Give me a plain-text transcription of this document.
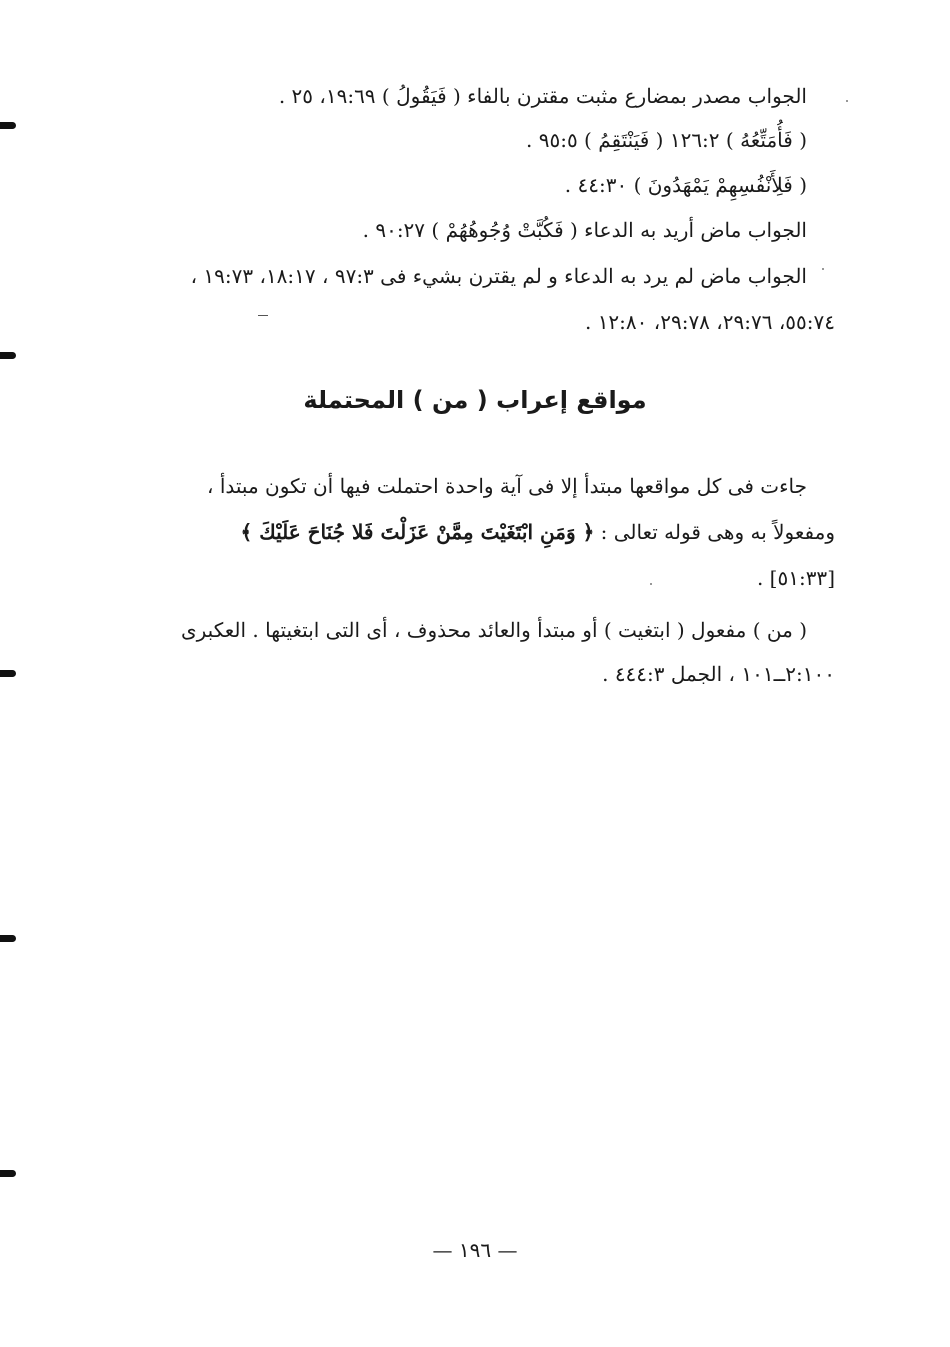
الجواب مصدر بمضارع مثبت مقترن بالفاء ( فَيَقُولُ ) ١٩:٦٩، ٢٥ .
( فَأُمَتِّعُهُ ) ١٢٦:٢ ( فَيَنْتَقِمُ ) ٩٥:٥ .
( فَلِأَنْفُسِهِمْ يَمْهَدُونَ ) ٤٤:٣٠ .
الجواب ماض أريد به الدعاء ( فَكُبَّتْ وُجُوهُهُمْ ) ٩٠:٢٧ .
الجواب ماض لم يرد به الدعاء و لم يقترن بشيء فى ٩٧:٣ ، ١٨:١٧، ١٩:٧٣ ،
٥٥:٧٤، ٢٩:٧٦، ٢٩:٧٨، ١٢:٨٠ .
مواقع إعراب ( من ) المحتملة
جاءت فى كل مواقعها مبتدأ إلا فى آية واحدة احتملت فيها أن تكون مبتدأ ،
ومفعولاً به وهى قوله تعالى : ﴿ وَمَنِ ابْتَغَيْتَ مِمَّنْ عَزَلْتَ فَلا جُنَاحَ عَلَيْكَ ﴾
[٥١:٣٣] .
( من ) مفعول ( ابتغيت ) أو مبتدأ والعائد محذوف ، أى التى ابتغيتها . العكبرى
٢:١٠٠ــ١٠١ ، الجمل ٤٤٤:٣ .
— ١٩٦ —
